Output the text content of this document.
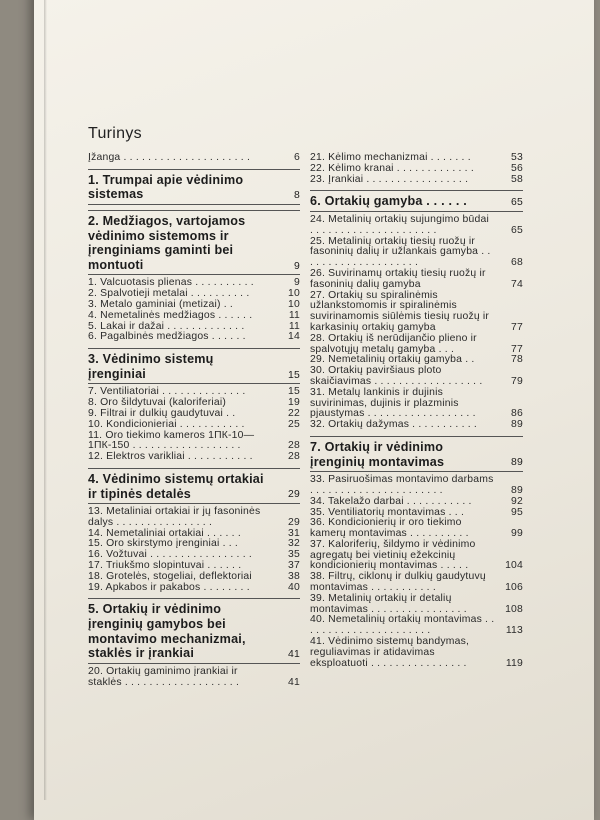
Turinys
Įžanga . . . . . . . . . . . . . . . . . . . . .	6
1. Trumpai apie vėdinimo sistemas	8
2. Medžiagos, vartojamos vėdinimo sistemoms ir įrenginiams gaminti bei montuoti	9
1. Valcuotasis plienas . . . . . . . . . .	9
2. Spalvotieji metalai . . . . . . . . . .	10
3. Metalo gaminiai (metizai) . .	10
4. Nemetalinės medžiagos . . . . . .	11
5. Lakai ir dažai . . . . . . . . . . . . .	11
6. Pagalbinės medžiagos . . . . . .	14
3. Vėdinimo sistemų įrenginiai	15
7. Ventiliatoriai . . . . . . . . . . . . . .	15
8. Oro šildytuvai (kaloriferiai)	19
9. Filtrai ir dulkių gaudytuvai . .	22
10. Kondicionieriai . . . . . . . . . . .	25
11. Oro tiekimo kameros 1ПК-10—1ПК-150 . . . . . . . . . . . . . . . . . .	28
12. Elektros varikliai . . . . . . . . . . .	28
4. Vėdinimo sistemų ortakiai ir tipinės detalės	29
13. Metaliniai ortakiai ir jų fasoninės dalys . . . . . . . . . . . . . . . .	29
14. Nemetaliniai ortakiai . . . . . .	31
15. Oro skirstymo įrenginiai . . .	32
16. Vožtuvai . . . . . . . . . . . . . . . . .	35
17. Triukšmo slopintuvai . . . . . .	37
18. Grotelės, stogeliai, deflektoriai	38
19. Apkabos ir pakabos . . . . . . . .	40
5. Ortakių ir vėdinimo įrenginių gamybos bei montavimo mechanizmai, staklės ir įrankiai	41
20. Ortakių gaminimo įrankiai ir staklės . . . . . . . . . . . . . . . . . . .	41
21. Kėlimo mechanizmai . . . . . . .	53
22. Kėlimo kranai . . . . . . . . . . . . .	56
23. Įrankiai . . . . . . . . . . . . . . . . .	58
6. Ortakių gamyba . . . . . .	65
24. Metalinių ortakių sujungimo būdai . . . . . . . . . . . . . . . . . . . . .	65
25. Metalinių ortakių tiesių ruožų ir fasoninių dalių ir užlankais gamyba . . . . . . . . . . . . . . . . . . . .	68
26. Suvirinamų ortakių tiesių ruožų ir fasoninių dalių gamyba	74
27. Ortakių su spiralinėmis užlankstomomis ir spiralinėmis suvirinamomis siūlėmis tiesių ruožų ir karkasinių ortakių gamyba	77
28. Ortakių iš nerūdijančio plieno ir spalvotųjų metalų gamyba . . .	77
29. Nemetalinių ortakių gamyba . .	78
30. Ortakių paviršiaus ploto skaičiavimas . . . . . . . . . . . . . . . . . .	79
31. Metalų lankinis ir dujinis suvirinimas, dujinis ir plazminis pjaustymas . . . . . . . . . . . . . . . . . .	86
32. Ortakių dažymas . . . . . . . . . . .	89
7. Ortakių ir vėdinimo įrenginių montavimas	89
33. Pasiruošimas montavimo darbams . . . . . . . . . . . . . . . . . . . . . .	89
34. Takelažo darbai . . . . . . . . . . .	92
35. Ventiliatorių montavimas . . .	95
36. Kondicionierių ir oro tiekimo kamerų montavimas . . . . . . . . . .	99
37. Kaloriferių, šildymo ir vėdinimo agregatų bei vietinių ežekcinių kondicionierių montavimas . . . . .	104
38. Filtrų, ciklonų ir dulkių gaudytuvų montavimas . . . . . . . . . . .	106
39. Metalinių ortakių ir detalių montavimas . . . . . . . . . . . . . . . .	108
40. Nemetalinių ortakių montavimas . . . . . . . . . . . . . . . . . . . . . .	113
41. Vėdinimo sistemų bandymas, reguliavimas ir atidavimas eksploatuoti . . . . . . . . . . . . . . . .	119
